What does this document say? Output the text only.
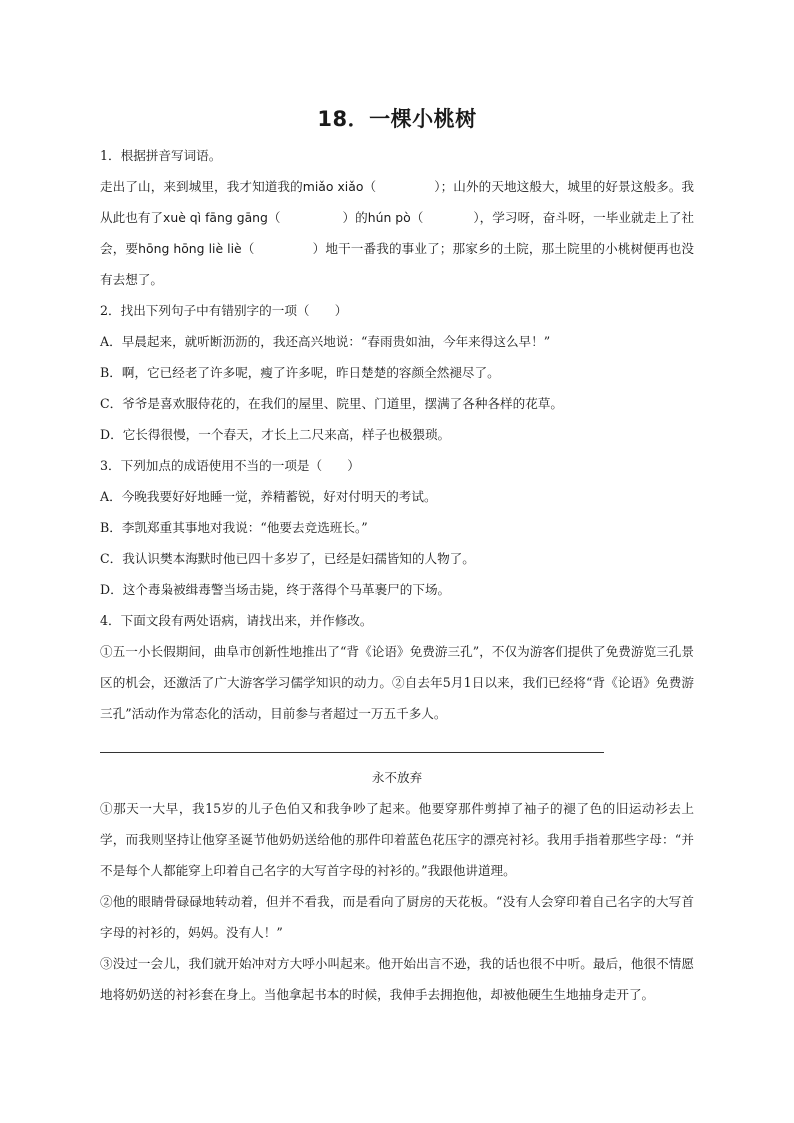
18．一棵小桃树

1．根据拼音写词语。

走出了山，来到城里，我才知道我的miǎo xiǎo（	）；山外的天地这般大，城里的好景这般多。我从此也有了xuè qì fāng gāng（	）的hún pò（	），学习呀，奋斗呀，一毕业就走上了社会，要hōng hōng liè liè（	）地干一番我的事业了；那家乡的土院，那土院里的小桃树便再也没有去想了。

2．找出下列句子中有错别字的一项（　　）

A．早晨起来，就听断沥沥的，我还高兴地说：“春雨贵如油，今年来得这么早！”

B．啊，它已经老了许多呢，瘦了许多呢，昨日楚楚的容颜全然褪尽了。

C．爷爷是喜欢服侍花的，在我们的屋里、院里、门道里，摆满了各种各样的花草。

D．它长得很慢，一个春天，才长上二尺来高，样子也极猥琐。

3．下列加点的成语使用不当的一项是（　　）

A．今晚我要好好地睡一觉，养精蓄锐，好对付明天的考试。

B．李凯郑重其事地对我说：“他要去竞选班长。”

C．我认识樊本海默时他已四十多岁了，已经是妇孺皆知的人物了。

D．这个毒枭被缉毒警当场击毙，终于落得个马革裹尸的下场。

4．下面文段有两处语病，请找出来，并作修改。

①五一小长假期间，曲阜市创新性地推出了“背《论语》免费游三孔”，不仅为游客们提供了免费游览三孔景区的机会，还激活了广大游客学习儒学知识的动力。②自去年5月1日以来，我们已经将“背《论语》免费游三孔”活动作为常态化的活动，目前参与者超过一万五千多人。

永不放弃

①那天一大早，我15岁的儿子色伯又和我争吵了起来。他要穿那件剪掉了袖子的褪了色的旧运动衫去上学，而我则坚持让他穿圣诞节他奶奶送给他的那件印着蓝色花压字的漂亮衬衫。我用手指着那些字母：“并不是每个人都能穿上印着自己名字的大写首字母的衬衫的。”我跟他讲道理。

②他的眼睛骨碌碌地转动着，但并不看我，而是看向了厨房的天花板。“没有人会穿印着自己名字的大写首字母的衬衫的，妈妈。没有人！”

③没过一会儿，我们就开始冲对方大呼小叫起来。他开始出言不逊，我的话也很不中听。最后，他很不情愿地将奶奶送的衬衫套在身上。当他拿起书本的时候，我伸手去拥抱他，却被他硬生生地抽身走开了。
